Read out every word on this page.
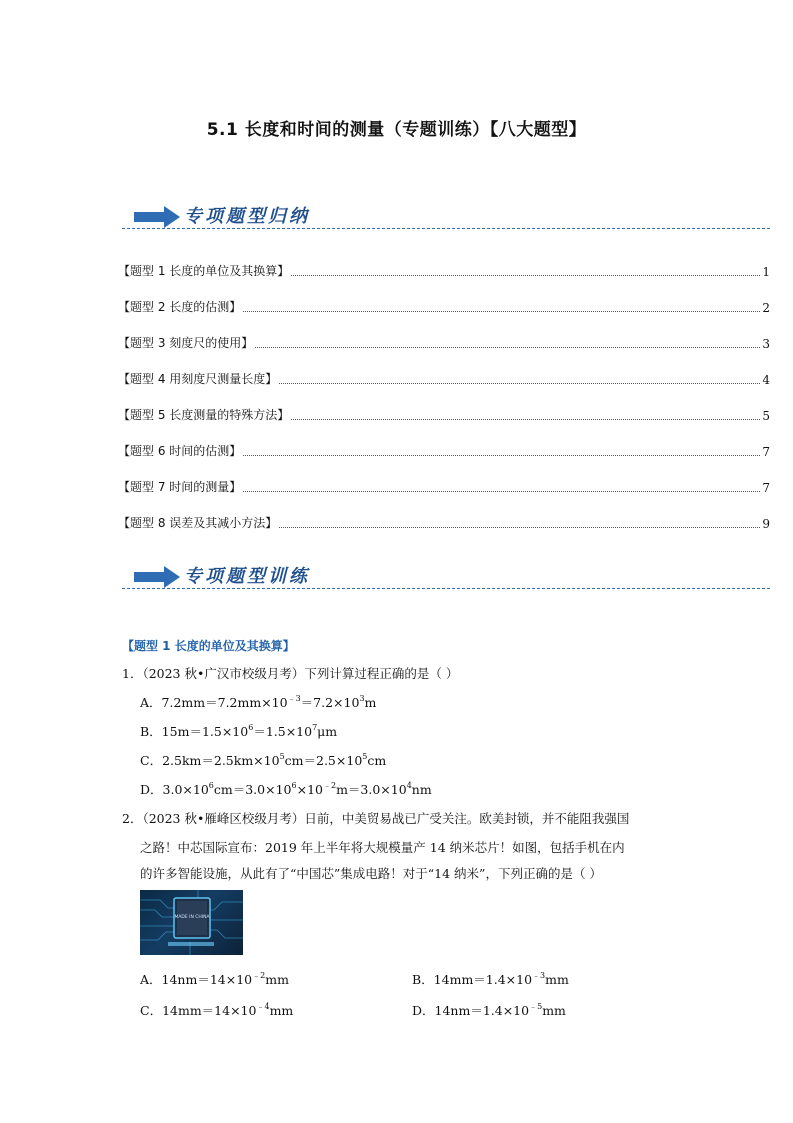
5.1 长度和时间的测量（专题训练）【八大题型】
专项题型归纳
【题型 1 长度的单位及其换算】	1
【题型 2 长度的估测】	2
【题型 3 刻度尺的使用】	3
【题型 4 用刻度尺测量长度】	4
【题型 5 长度测量的特殊方法】	5
【题型 6 时间的估测】	7
【题型 7 时间的测量】	7
【题型 8 误差及其减小方法】	9
专项题型训练
【题型 1 长度的单位及其换算】
1．（2023 秋•广汉市校级月考）下列计算过程正确的是（ ）
A．$7.2mm=7.2mm\times 10^{﹣3}=7.2\times 10^3m$
B．$15m=1.5\times 10^6=1.5\times 10^7\mu m$
C．$2.5km=2.5km\times 10^5cm=2.5\times 10^5cm$
D．$3.0\times 10^6cm=3.0\times 10^6\times 10^{﹣2}m=3.0\times 10^4nm$
2．（2023 秋•雁峰区校级月考）日前，中美贸易战已广受关注。欧美封锁，并不能阻我强国
之路！中芯国际宣布：2019 年上半年将大规模量产 14 纳米芯片！如图，包括手机在内
的许多智能设施，从此有了“中国芯”集成电路！对于“14 纳米”，下列正确的是（ ）
MADE IN CHINA
A．$14nm=14\times 10^{﹣2}mm$	B．$14mm=1.4\times 10^{﹣3}mm$
C．$14mm=14\times 10^{﹣4}mm$	D．$14nm=1.4\times 10^{﹣5}mm$
